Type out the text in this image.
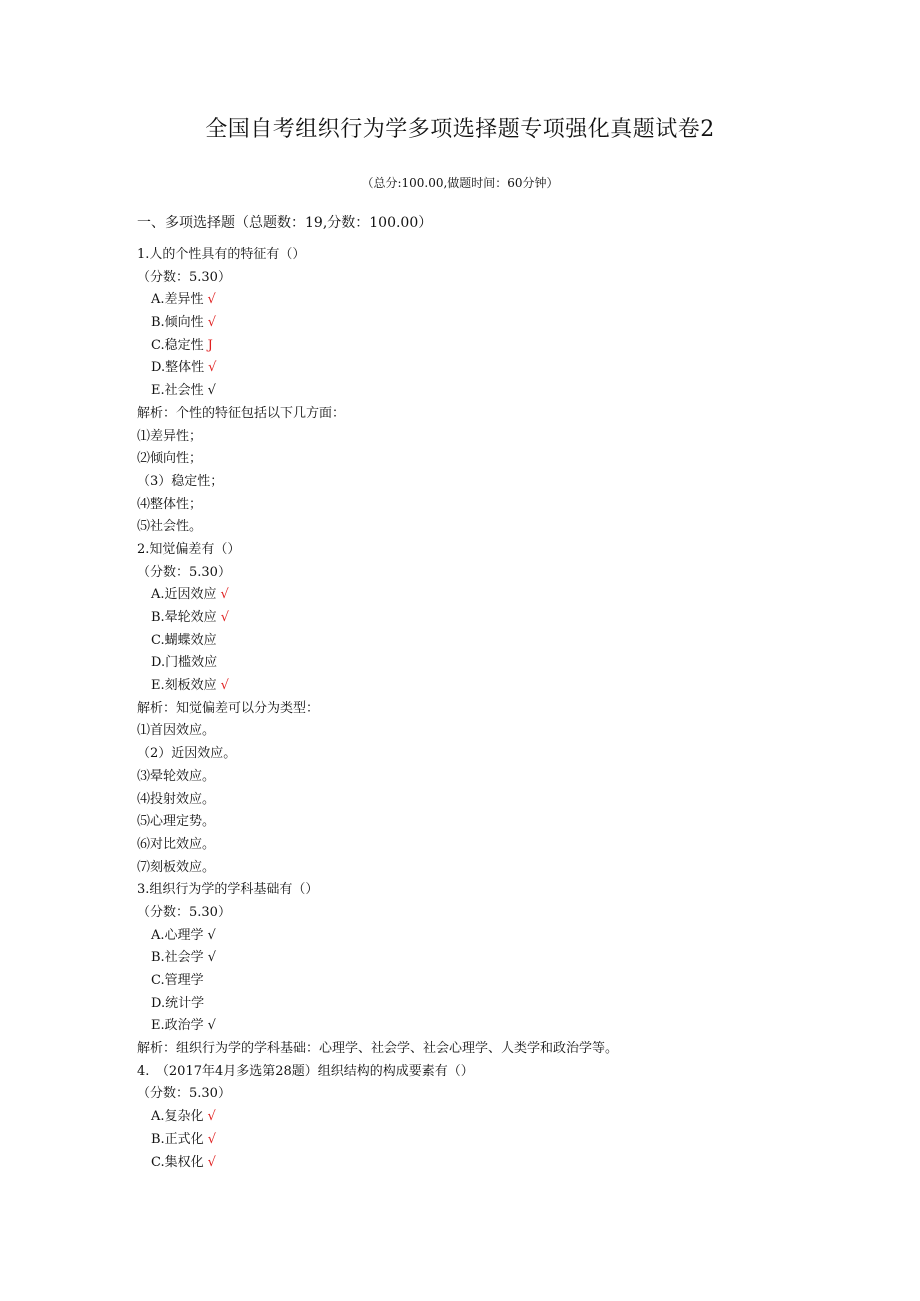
全国自考组织行为学多项选择题专项强化真题试卷2
（总分:100.00,做题时间：60分钟）
一、多项选择题（总题数：19,分数：100.00）
1.人的个性具有的特征有（）
（分数：5.30）
A.差异性 √
B.倾向性 √
C.稳定性 J
D.整体性 √
E.社会性 √
解析：个性的特征包括以下几方面：
⑴差异性；
⑵倾向性；
（3）稳定性；
⑷整体性；
⑸社会性。
2.知觉偏差有（）
（分数：5.30）
A.近因效应 √
B.晕轮效应 √
C.蝴蝶效应
D.门槛效应
E.刻板效应 √
解析：知觉偏差可以分为类型：
⑴首因效应。
（2）近因效应。
⑶晕轮效应。
⑷投射效应。
⑸心理定势。
⑹对比效应。
⑺刻板效应。
3.组织行为学的学科基础有（）
（分数：5.30）
A.心理学 √
B.社会学 √
C.管理学
D.统计学
E.政治学 √
解析：组织行为学的学科基础：心理学、社会学、社会心理学、人类学和政治学等。
4.　（2017年4月多选第28题）组织结构的构成要素有（）
（分数：5.30）
A.复杂化 √
B.正式化 √
C.集权化 √
